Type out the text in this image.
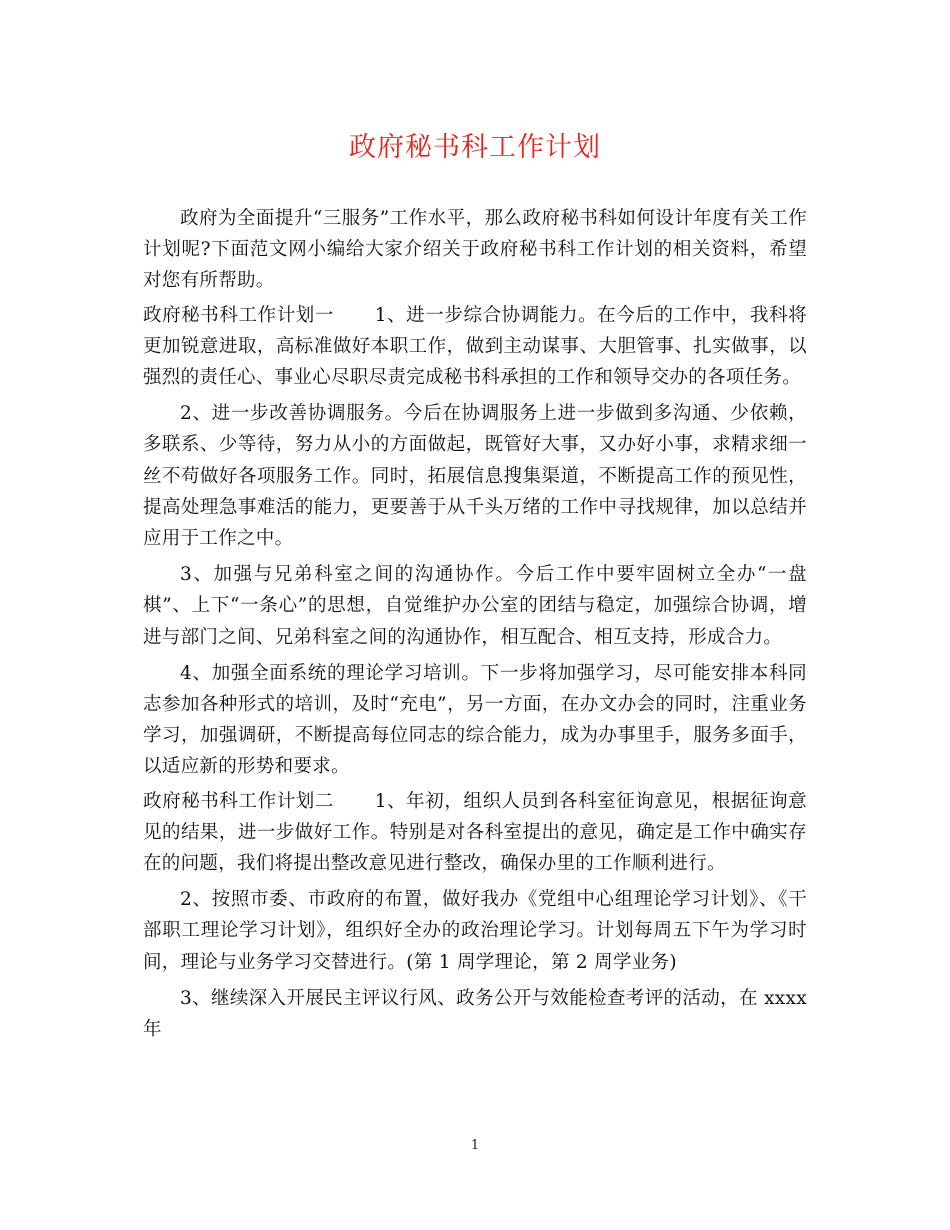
政府秘书科工作计划

政府为全面提升“三服务”工作水平，那么政府秘书科如何设计年度有关工作计划呢?下面范文网小编给大家介绍关于政府秘书科工作计划的相关资料，希望对您有所帮助。

政府秘书科工作计划一 1、进一步综合协调能力。在今后的工作中，我科将更加锐意进取，高标准做好本职工作，做到主动谋事、大胆管事、扎实做事，以强烈的责任心、事业心尽职尽责完成秘书科承担的工作和领导交办的各项任务。

2、进一步改善协调服务。今后在协调服务上进一步做到多沟通、少依赖，多联系、少等待，努力从小的方面做起，既管好大事，又办好小事，求精求细一丝不苟做好各项服务工作。同时，拓展信息搜集渠道，不断提高工作的预见性，提高处理急事难活的能力，更要善于从千头万绪的工作中寻找规律，加以总结并应用于工作之中。

3、加强与兄弟科室之间的沟通协作。今后工作中要牢固树立全办“一盘棋”、上下“一条心”的思想，自觉维护办公室的团结与稳定，加强综合协调，增进与部门之间、兄弟科室之间的沟通协作，相互配合、相互支持，形成合力。

4、加强全面系统的理论学习培训。下一步将加强学习，尽可能安排本科同志参加各种形式的培训，及时“充电”，另一方面，在办文办会的同时，注重业务学习，加强调研，不断提高每位同志的综合能力，成为办事里手，服务多面手，以适应新的形势和要求。

政府秘书科工作计划二 1、年初，组织人员到各科室征询意见，根据征询意见的结果，进一步做好工作。特别是对各科室提出的意见，确定是工作中确实存在的问题，我们将提出整改意见进行整改，确保办里的工作顺利进行。

2、按照市委、市政府的布置，做好我办《党组中心组理论学习计划》、《干部职工理论学习计划》，组织好全办的政治理论学习。计划每周五下午为学习时间，理论与业务学习交替进行。(第 1 周学理论，第 2 周学业务)

3、继续深入开展民主评议行风、政务公开与效能检查考评的活动，在 xxxx 年

1
